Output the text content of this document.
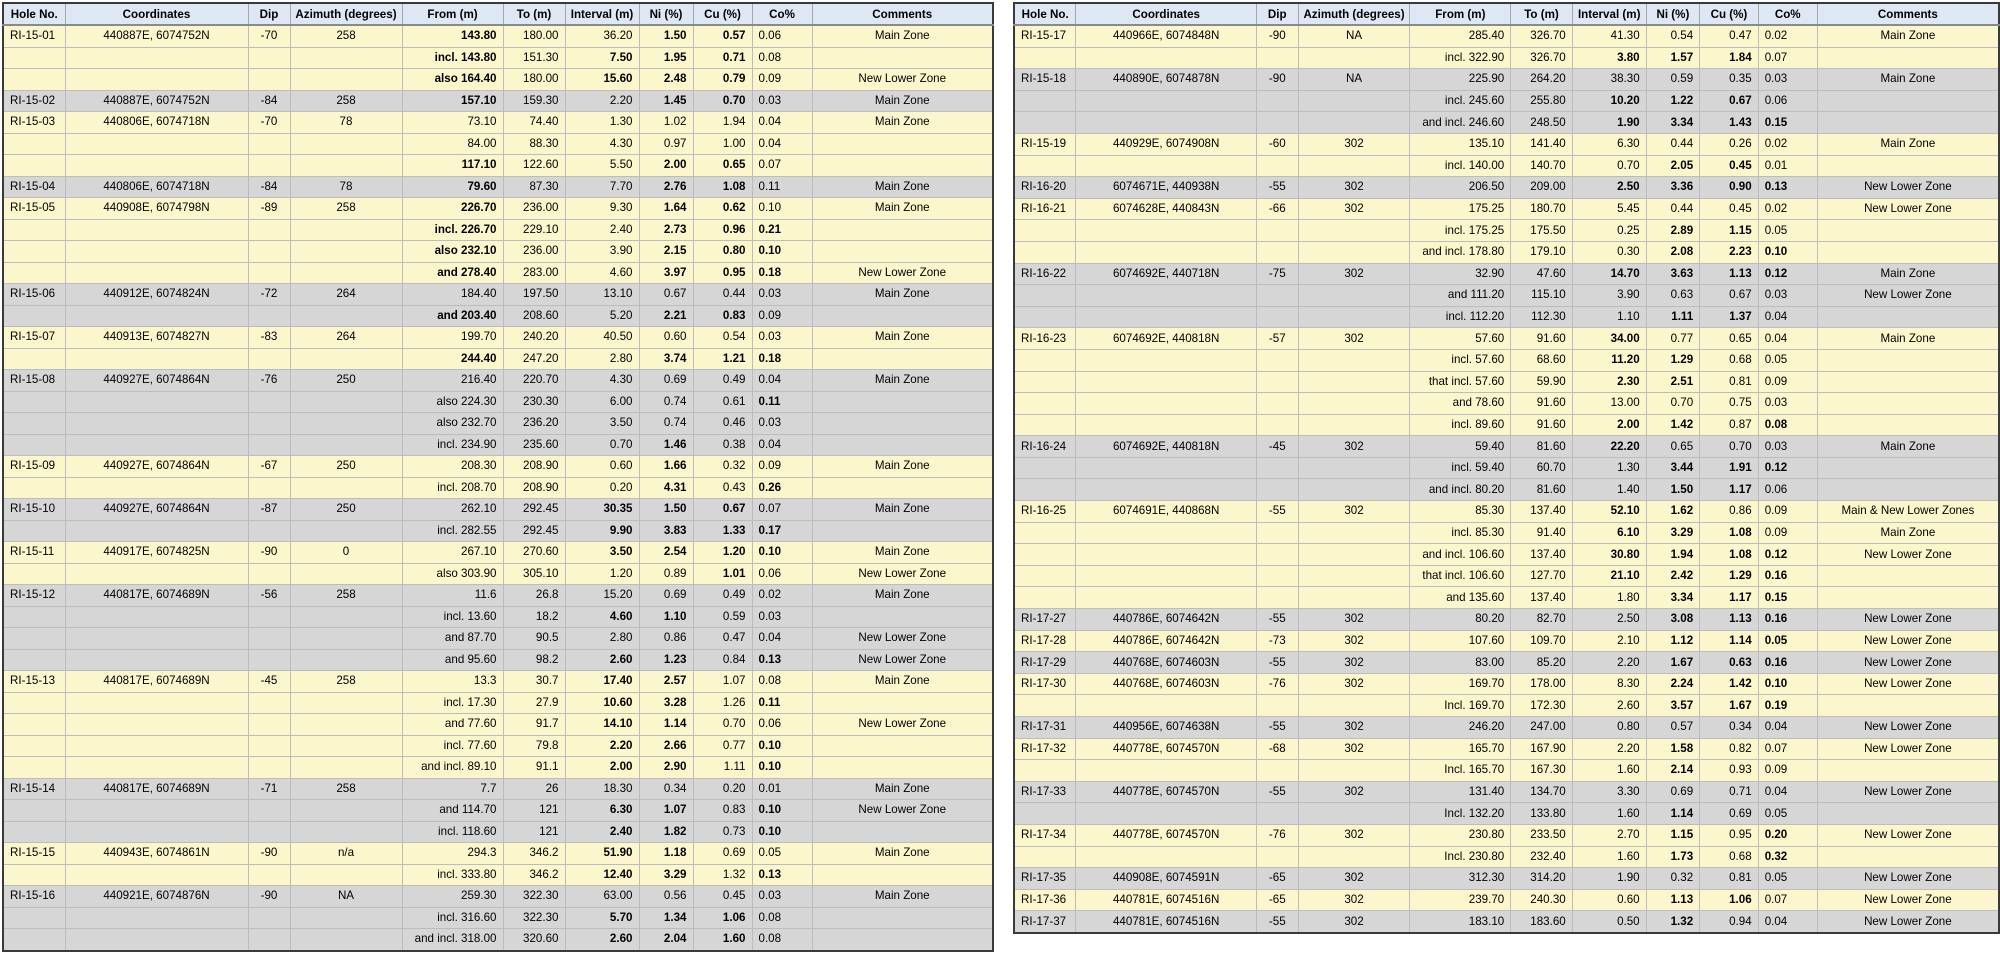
Hole No.	Coordinates	Dip	Azimuth (degrees)	From (m)	To (m)	Interval (m)	Ni (%)	Cu (%)	Co%	Comments
RI-15-01	440887E, 6074752N	-70	258	143.80	180.00	36.20	1.50	0.57	0.06	Main Zone
				incl. 143.80	151.30	7.50	1.95	0.71	0.08	
				also 164.40	180.00	15.60	2.48	0.79	0.09	New Lower Zone
RI-15-02	440887E, 6074752N	-84	258	157.10	159.30	2.20	1.45	0.70	0.03	Main Zone
RI-15-03	440806E, 6074718N	-70	78	73.10	74.40	1.30	1.02	1.94	0.04	Main Zone
				84.00	88.30	4.30	0.97	1.00	0.04	
				117.10	122.60	5.50	2.00	0.65	0.07	
RI-15-04	440806E, 6074718N	-84	78	79.60	87.30	7.70	2.76	1.08	0.11	Main Zone
RI-15-05	440908E, 6074798N	-89	258	226.70	236.00	9.30	1.64	0.62	0.10	Main Zone
				incl. 226.70	229.10	2.40	2.73	0.96	0.21	
				also 232.10	236.00	3.90	2.15	0.80	0.10	
				and 278.40	283.00	4.60	3.97	0.95	0.18	New Lower Zone
RI-15-06	440912E, 6074824N	-72	264	184.40	197.50	13.10	0.67	0.44	0.03	Main Zone
				and 203.40	208.60	5.20	2.21	0.83	0.09	
RI-15-07	440913E, 6074827N	-83	264	199.70	240.20	40.50	0.60	0.54	0.03	Main Zone
				244.40	247.20	2.80	3.74	1.21	0.18	
RI-15-08	440927E, 6074864N	-76	250	216.40	220.70	4.30	0.69	0.49	0.04	Main Zone
				also 224.30	230.30	6.00	0.74	0.61	0.11	
				also 232.70	236.20	3.50	0.74	0.46	0.03	
				incl. 234.90	235.60	0.70	1.46	0.38	0.04	
RI-15-09	440927E, 6074864N	-67	250	208.30	208.90	0.60	1.66	0.32	0.09	Main Zone
				incl. 208.70	208.90	0.20	4.31	0.43	0.26	
RI-15-10	440927E, 6074864N	-87	250	262.10	292.45	30.35	1.50	0.67	0.07	Main Zone
				incl. 282.55	292.45	9.90	3.83	1.33	0.17	
RI-15-11	440917E, 6074825N	-90	0	267.10	270.60	3.50	2.54	1.20	0.10	Main Zone
				also 303.90	305.10	1.20	0.89	1.01	0.06	New Lower Zone
RI-15-12	440817E, 6074689N	-56	258	11.6	26.8	15.20	0.69	0.49	0.02	Main Zone
				incl. 13.60	18.2	4.60	1.10	0.59	0.03	
				and 87.70	90.5	2.80	0.86	0.47	0.04	New Lower Zone
				and 95.60	98.2	2.60	1.23	0.84	0.13	New Lower Zone
RI-15-13	440817E, 6074689N	-45	258	13.3	30.7	17.40	2.57	1.07	0.08	Main Zone
				incl. 17.30	27.9	10.60	3.28	1.26	0.11	
				and 77.60	91.7	14.10	1.14	0.70	0.06	New Lower Zone
				incl. 77.60	79.8	2.20	2.66	0.77	0.10	
				and incl. 89.10	91.1	2.00	2.90	1.11	0.10	
RI-15-14	440817E, 6074689N	-71	258	7.7	26	18.30	0.34	0.20	0.01	Main Zone
				and 114.70	121	6.30	1.07	0.83	0.10	New Lower Zone
				incl. 118.60	121	2.40	1.82	0.73	0.10	
RI-15-15	440943E, 6074861N	-90	n/a	294.3	346.2	51.90	1.18	0.69	0.05	Main Zone
				incl. 333.80	346.2	12.40	3.29	1.32	0.13	
RI-15-16	440921E, 6074876N	-90	NA	259.30	322.30	63.00	0.56	0.45	0.03	Main Zone
				incl. 316.60	322.30	5.70	1.34	1.06	0.08	
				and incl. 318.00	320.60	2.60	2.04	1.60	0.08	
Hole No.	Coordinates	Dip	Azimuth (degrees)	From (m)	To (m)	Interval (m)	Ni (%)	Cu (%)	Co%	Comments
RI-15-17	440966E, 6074848N	-90	NA	285.40	326.70	41.30	0.54	0.47	0.02	Main Zone
				incl. 322.90	326.70	3.80	1.57	1.84	0.07	
RI-15-18	440890E, 6074878N	-90	NA	225.90	264.20	38.30	0.59	0.35	0.03	Main Zone
				incl. 245.60	255.80	10.20	1.22	0.67	0.06	
				and incl. 246.60	248.50	1.90	3.34	1.43	0.15	
RI-15-19	440929E, 6074908N	-60	302	135.10	141.40	6.30	0.44	0.26	0.02	Main Zone
				incl. 140.00	140.70	0.70	2.05	0.45	0.01	
RI-16-20	6074671E, 440938N	-55	302	206.50	209.00	2.50	3.36	0.90	0.13	New Lower Zone
RI-16-21	6074628E, 440843N	-66	302	175.25	180.70	5.45	0.44	0.45	0.02	New Lower Zone
				incl. 175.25	175.50	0.25	2.89	1.15	0.05	
				and incl. 178.80	179.10	0.30	2.08	2.23	0.10	
RI-16-22	6074692E, 440718N	-75	302	32.90	47.60	14.70	3.63	1.13	0.12	Main Zone
				and 111.20	115.10	3.90	0.63	0.67	0.03	New Lower Zone
				incl. 112.20	112.30	1.10	1.11	1.37	0.04	
RI-16-23	6074692E, 440818N	-57	302	57.60	91.60	34.00	0.77	0.65	0.04	Main Zone
				incl. 57.60	68.60	11.20	1.29	0.68	0.05	
				that incl. 57.60	59.90	2.30	2.51	0.81	0.09	
				and 78.60	91.60	13.00	0.70	0.75	0.03	
				incl. 89.60	91.60	2.00	1.42	0.87	0.08	
RI-16-24	6074692E, 440818N	-45	302	59.40	81.60	22.20	0.65	0.70	0.03	Main Zone
				incl. 59.40	60.70	1.30	3.44	1.91	0.12	
				and incl. 80.20	81.60	1.40	1.50	1.17	0.06	
RI-16-25	6074691E, 440868N	-55	302	85.30	137.40	52.10	1.62	0.86	0.09	Main & New Lower Zones
				incl. 85.30	91.40	6.10	3.29	1.08	0.09	Main Zone
				and incl. 106.60	137.40	30.80	1.94	1.08	0.12	New Lower Zone
				that incl. 106.60	127.70	21.10	2.42	1.29	0.16	
				and 135.60	137.40	1.80	3.34	1.17	0.15	
RI-17-27	440786E, 6074642N	-55	302	80.20	82.70	2.50	3.08	1.13	0.16	New Lower Zone
RI-17-28	440786E, 6074642N	-73	302	107.60	109.70	2.10	1.12	1.14	0.05	New Lower Zone
RI-17-29	440768E, 6074603N	-55	302	83.00	85.20	2.20	1.67	0.63	0.16	New Lower Zone
RI-17-30	440768E, 6074603N	-76	302	169.70	178.00	8.30	2.24	1.42	0.10	New Lower Zone
				Incl. 169.70	172.30	2.60	3.57	1.67	0.19	
RI-17-31	440956E, 6074638N	-55	302	246.20	247.00	0.80	0.57	0.34	0.04	New Lower Zone
RI-17-32	440778E, 6074570N	-68	302	165.70	167.90	2.20	1.58	0.82	0.07	New Lower Zone
				Incl. 165.70	167.30	1.60	2.14	0.93	0.09	
RI-17-33	440778E, 6074570N	-55	302	131.40	134.70	3.30	0.69	0.71	0.04	New Lower Zone
				Incl. 132.20	133.80	1.60	1.14	0.69	0.05	
RI-17-34	440778E, 6074570N	-76	302	230.80	233.50	2.70	1.15	0.95	0.20	New Lower Zone
				Incl. 230.80	232.40	1.60	1.73	0.68	0.32	
RI-17-35	440908E, 6074591N	-65	302	312.30	314.20	1.90	0.32	0.81	0.05	New Lower Zone
RI-17-36	440781E, 6074516N	-65	302	239.70	240.30	0.60	1.13	1.06	0.07	New Lower Zone
RI-17-37	440781E, 6074516N	-55	302	183.10	183.60	0.50	1.32	0.94	0.04	New Lower Zone
